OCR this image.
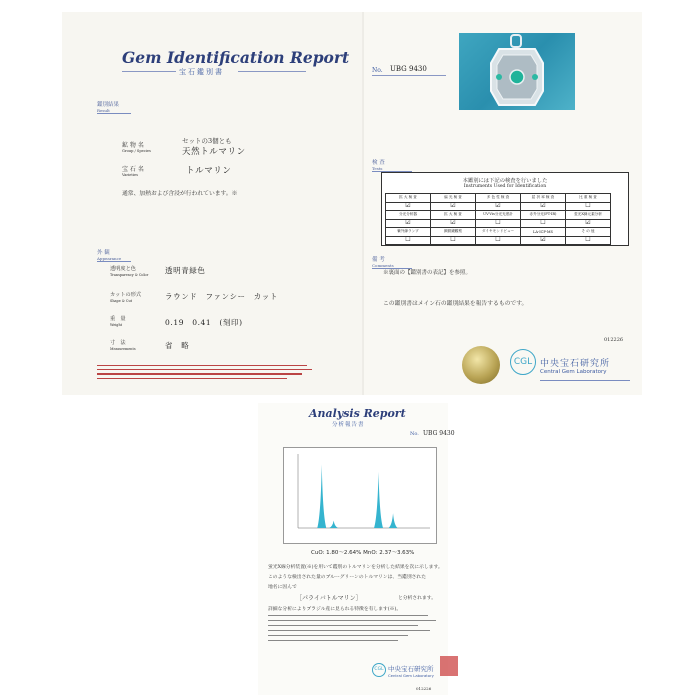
Gem Identification Report
宝石鑑別書
鑑別結果
Result
鉱 物 名
Group / Species
セットの3個とも
天然トルマリン
宝 石 名
Varieties	トルマリン
通常、加熱および含浸が行われています。※
外 観
Appearance
透明度と色
Transparency & Color 透明青緑色
カットの形式
Shape & Cut	ラウンド　ファンシー　カット
重　量
Weight	0.19　0.41　(刻印)
寸　法
Measurements	省　略
No. UBG 9430
検 査
Tests
本鑑別には下記の検査を行いました
Instruments Used for Identification
拡 大 検 査	偏 光 検 査	多 色 性 検 査	屈 折 率 検 査	比 重 検 査
☑	☑	☑	☑	☐
分光分析器	拡 大 検 査	UV-Vis分光光度計	赤外分光(FT-IR)	蛍光X線元素分析
☑	☑	☐	☐	☑
紫外線ランプ	顕微鏡観察	ダイヤモンドビュー	LA-ICP-MS	そ の 他
☐	☐	☐	☑	☐
備 考
Comments
※裏面の【鑑別書の表記】を参照。
この鑑別書はメイン石の鑑別結果を報告するものです。
012226
CGL 中央宝石研究所
Central Gem Laboratory
Analysis Report
分析報告書
No. UBG 9430
CuO: 1.80〜2.64% MnO: 2.37〜3.63%
蛍光X線分析装置(※)を用いて鑑別のトルマリンを分析した結果を次に示します。
このような検出された量のブルーグリーンのトルマリンは、当鑑別された
地名に因んで
［パライバトルマリン］	と分析されます。
詳細な分析によりブラジル産に見られる特徴を有します(※)。
CGL 中央宝石研究所
Central Gem Laboratory
012226
